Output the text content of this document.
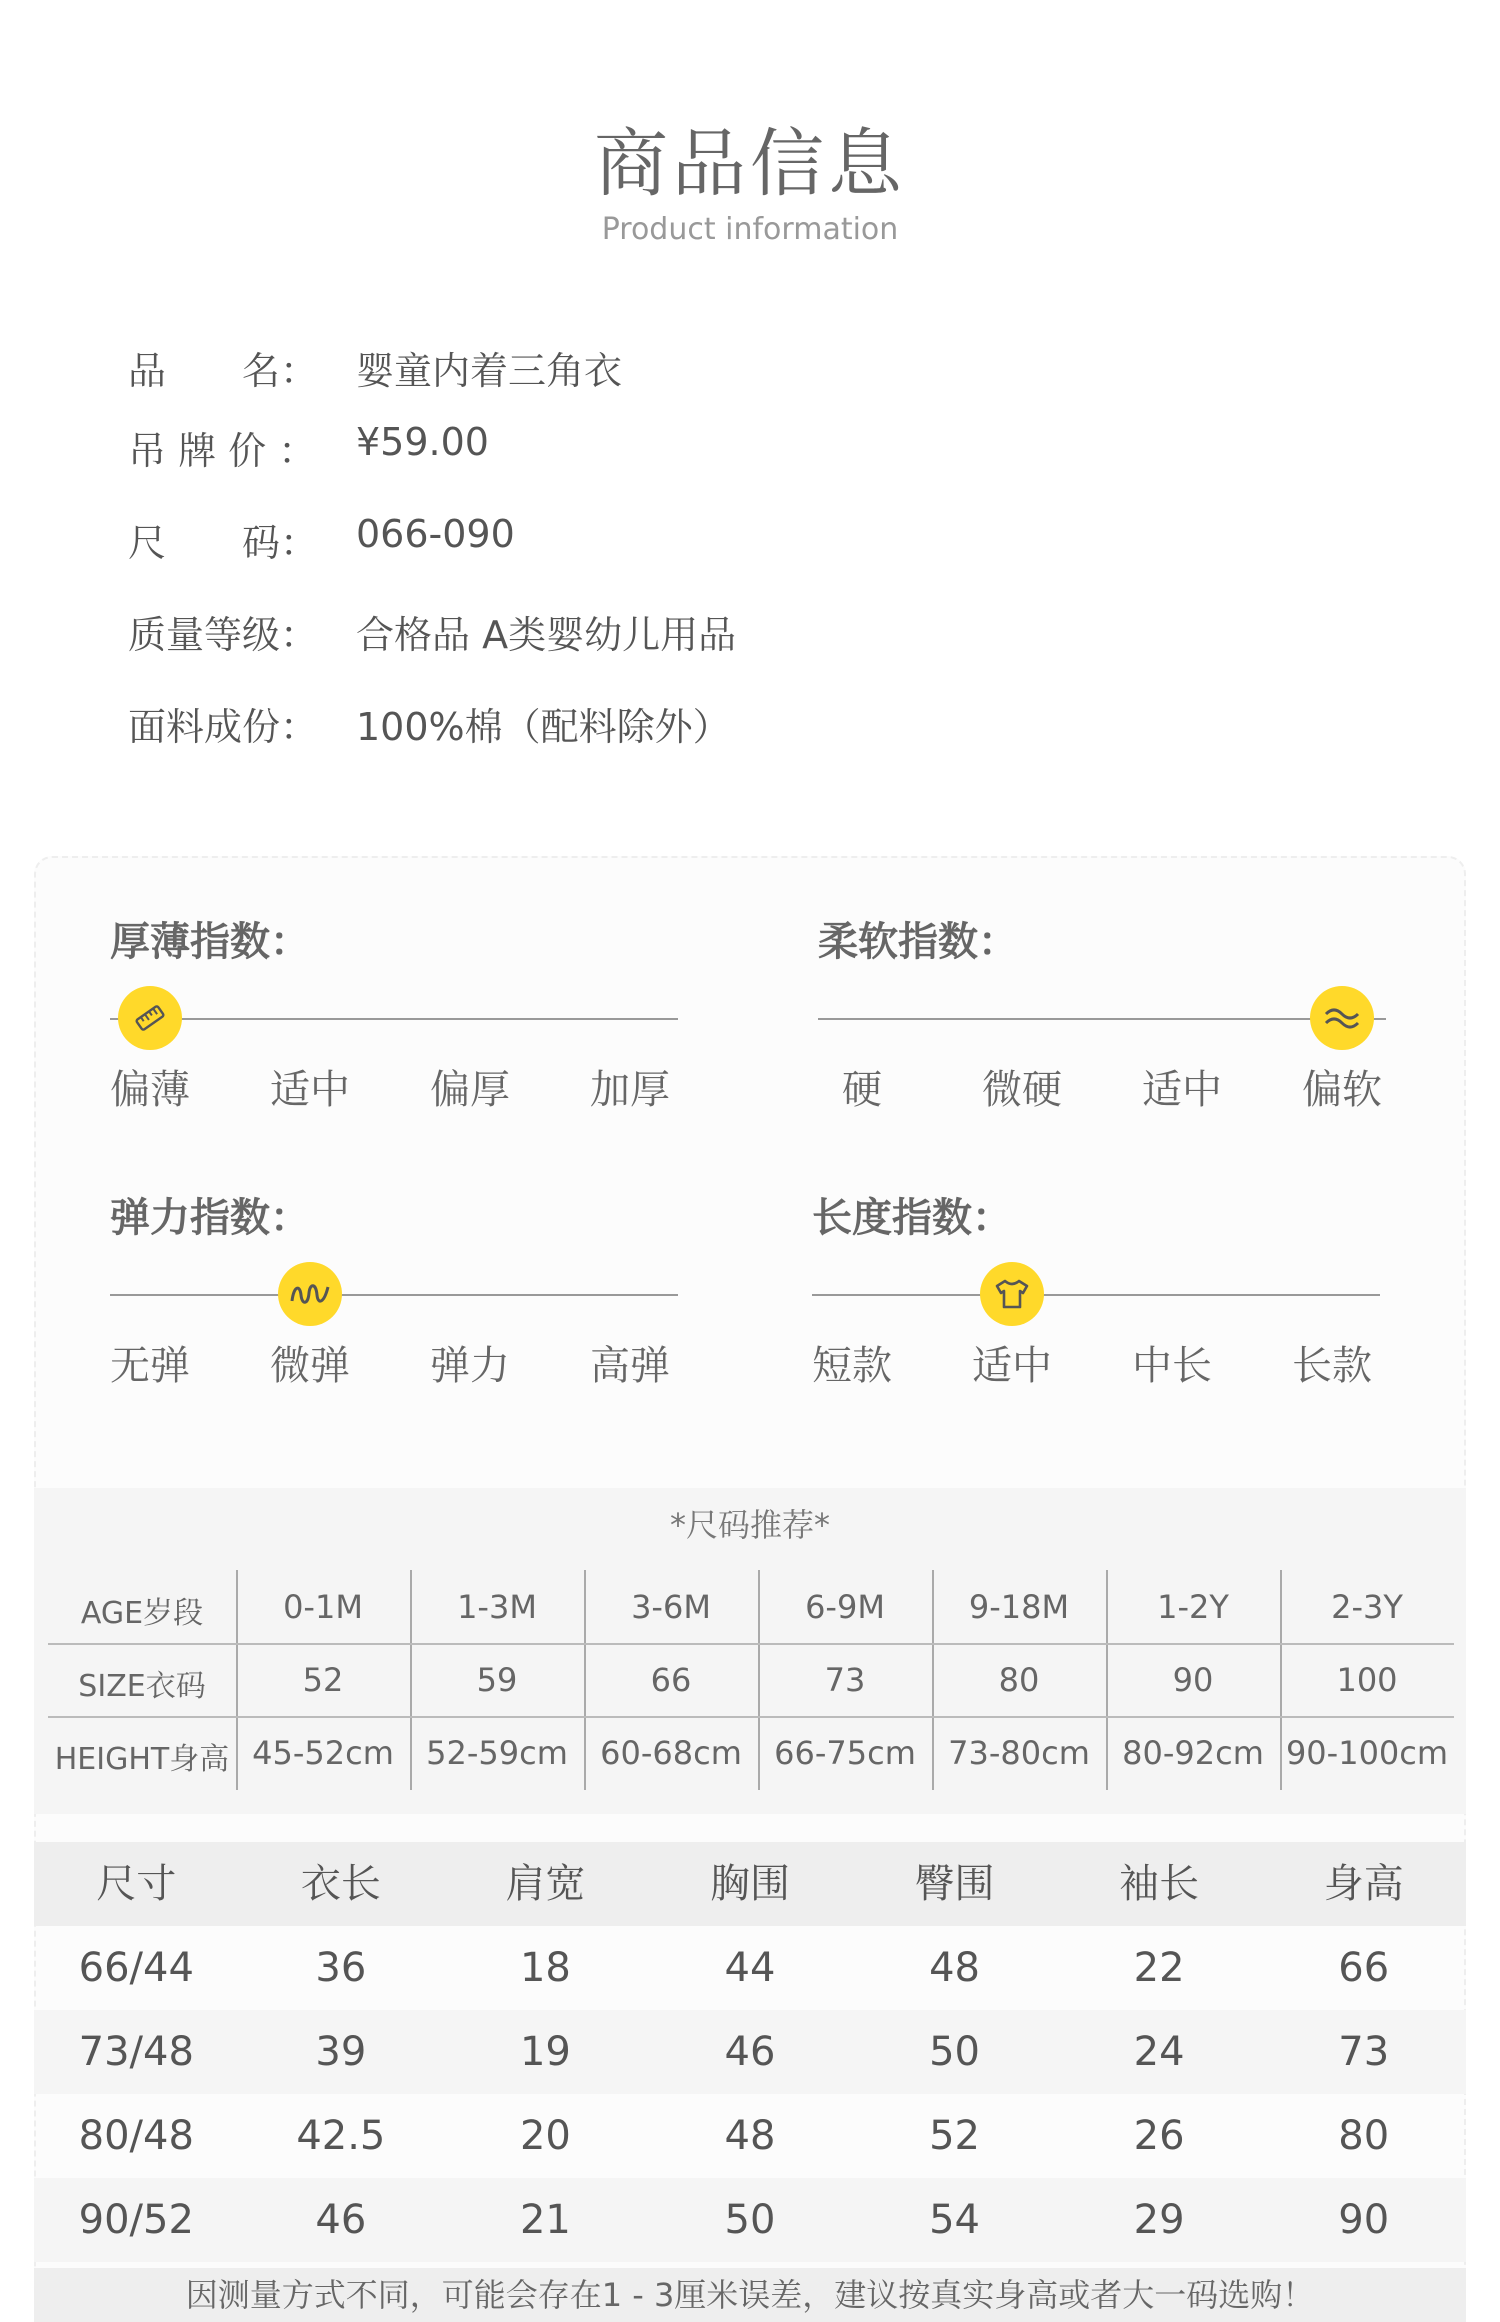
商品信息
Product information
品　　名： 婴童内着三角衣
吊 牌 价 ： ¥59.00
尺　　码： 066-090
质量等级： 合格品 A类婴幼儿用品
面料成份： 100%棉（配料除外）
厚薄指数：
偏薄	适中	偏厚	加厚
柔软指数：
硬	微硬	适中	偏软
弹力指数：
无弹	微弹	弹力	高弹
长度指数：
短款	适中	中长	长款
*尺码推荐*
AGE岁段	0-1M	1-3M	3-6M	6-9M	9-18M	1-2Y	2-3Y
SIZE衣码	52	59	66	73	80	90	100
HEIGHT身高 45-52cm	52-59cm	60-68cm	66-75cm	73-80cm	80-92cm 90-100cm
尺寸	衣长	肩宽	胸围	臀围	袖长	身高
66/44	36	18	44	48	22	66
73/48	39	19	46	50	24	73
80/48	42.5	20	48	52	26	80
90/52	46	21	50	54	29	90
因测量方式不同，可能会存在1 - 3厘米误差，建议按真实身高或者大一码选购！
